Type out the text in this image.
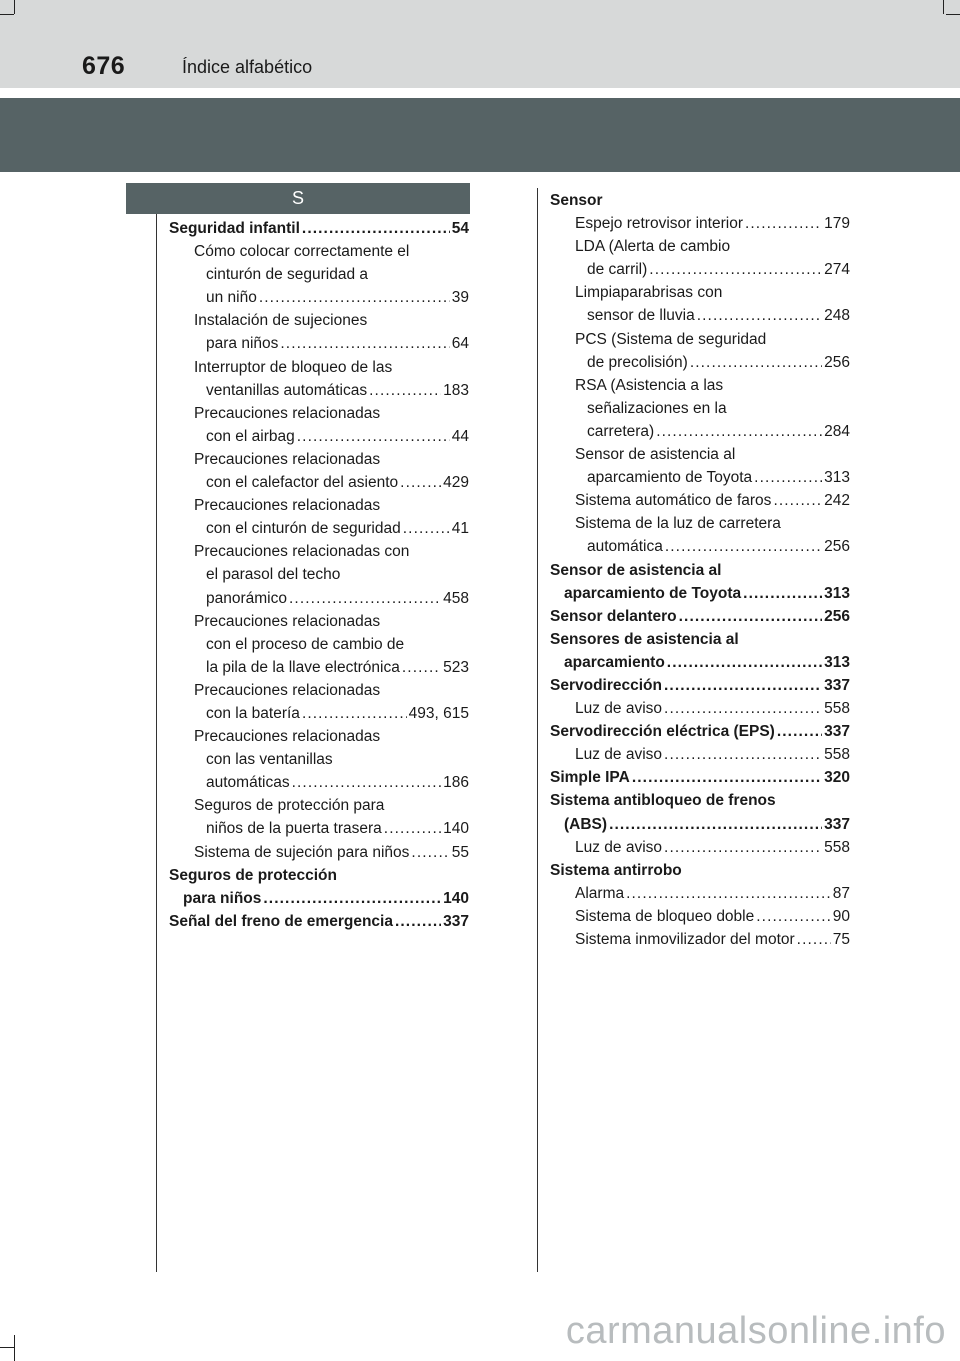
676	Índice alfabético
S
Seguridad infantil . . .	54
Cómo colocar correctamente el
cinturón de seguridad a
un niño . . .	39
Instalación de sujeciones
para niños . . .	64
Interruptor de bloqueo de las
ventanillas automáticas . . .	183
Precauciones relacionadas
con el airbag . . .	44
Precauciones relacionadas
con el calefactor del asiento . . .	429
Precauciones relacionadas
con el cinturón de seguridad . . .	41
Precauciones relacionadas con
el parasol del techo
panorámico . . .	458
Precauciones relacionadas
con el proceso de cambio de
la pila de la llave electrónica . . .	523
Precauciones relacionadas
con la batería . . .	493, 615
Precauciones relacionadas
con las ventanillas
automáticas . . .	186
Seguros de protección para
niños de la puerta trasera . . .	140
Sistema de sujeción para niños . . .	55
Seguros de protección
para niños . . .	140
Señal del freno de emergencia . . .	337
Sensor
Espejo retrovisor interior . . .	179
LDA (Alerta de cambio
de carril) . . .	274
Limpiaparabrisas con
sensor de lluvia . . .	248
PCS (Sistema de seguridad
de precolisión) . . .	256
RSA (Asistencia a las
señalizaciones en la
carretera) . . .	284
Sensor de asistencia al
aparcamiento de Toyota . . .	313
Sistema automático de faros . . .	242
Sistema de la luz de carretera
automática . . .	256
Sensor de asistencia al
aparcamiento de Toyota . . .	313
Sensor delantero . . .	256
Sensores de asistencia al
aparcamiento . . .	313
Servodirección . . .	337
Luz de aviso . . .	558
Servodirección eléctrica (EPS) . . .	337
Luz de aviso . . .	558
Simple IPA . . .	320
Sistema antibloqueo de frenos
(ABS) . . .	337
Luz de aviso . . .	558
Sistema antirrobo
Alarma . . .	87
Sistema de bloqueo doble . . .	90
Sistema inmovilizador del motor . . . 75
carmanualsonline.info
